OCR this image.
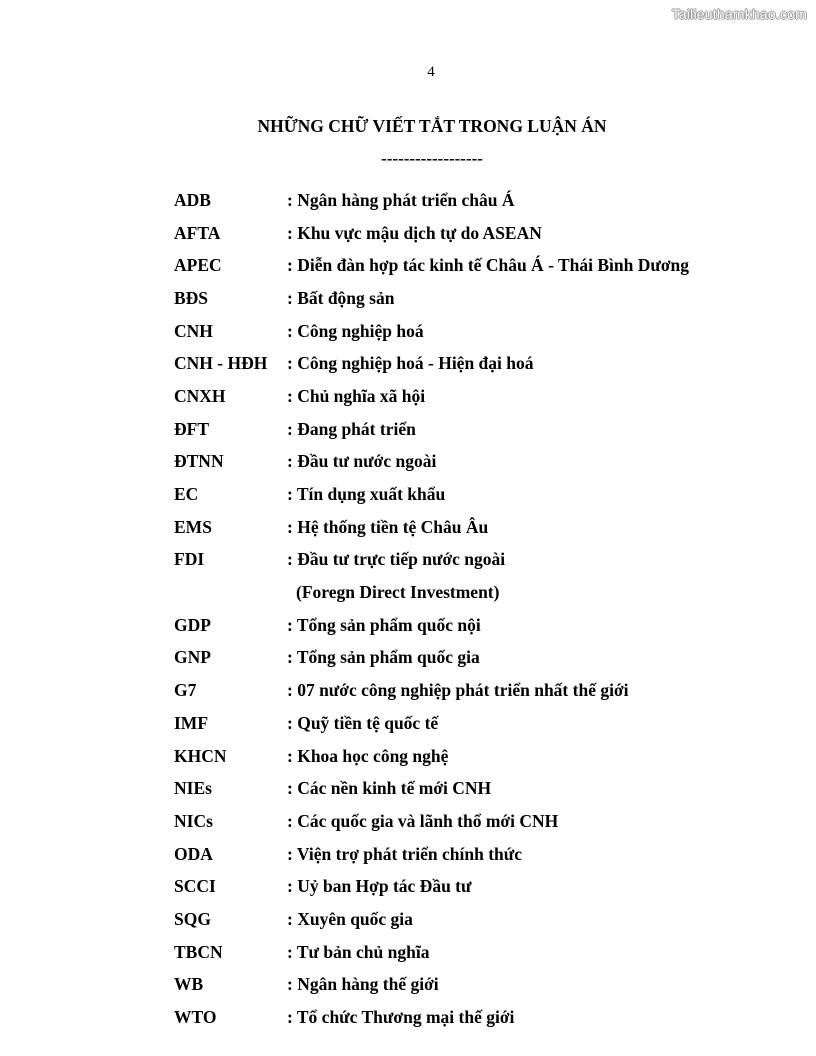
Tailieuthamkhao.com
4
NHỮNG CHỮ VIẾT TẮT TRONG LUẬN ÁN
------------------
ADB	: Ngân hàng phát triển châu Á
AFTA	: Khu vực mậu dịch tự do ASEAN
APEC	: Diễn đàn hợp tác kinh tế Châu Á - Thái Bình Dương
BĐS	: Bất động sản
CNH	: Công nghiệp hoá
CNH - HĐH	: Công nghiệp hoá - Hiện đại hoá
CNXH	: Chủ nghĩa xã hội
ĐFT	: Đang phát triển
ĐTNN	: Đầu tư nước ngoài
EC	: Tín dụng xuất khẩu
EMS	: Hệ thống tiền tệ Châu Âu
FDI	: Đầu tư trực tiếp nước ngoài
(Foregn Direct Investment)
GDP	: Tổng sản phẩm quốc nội
GNP	: Tổng sản phẩm quốc gia
G7	: 07 nước công nghiệp phát triển nhất thế giới
IMF	: Quỹ tiền tệ quốc tế
KHCN	: Khoa học công nghệ
NIEs	: Các nền kinh tế mới CNH
NICs	: Các quốc gia và lãnh thổ mới CNH
ODA	: Viện trợ phát triển chính thức
SCCI	: Uỷ ban Hợp tác Đầu tư
SQG	: Xuyên quốc gia
TBCN	: Tư bản chủ nghĩa
WB	: Ngân hàng thế giới
WTO	: Tổ chức Thương mại thế giới
